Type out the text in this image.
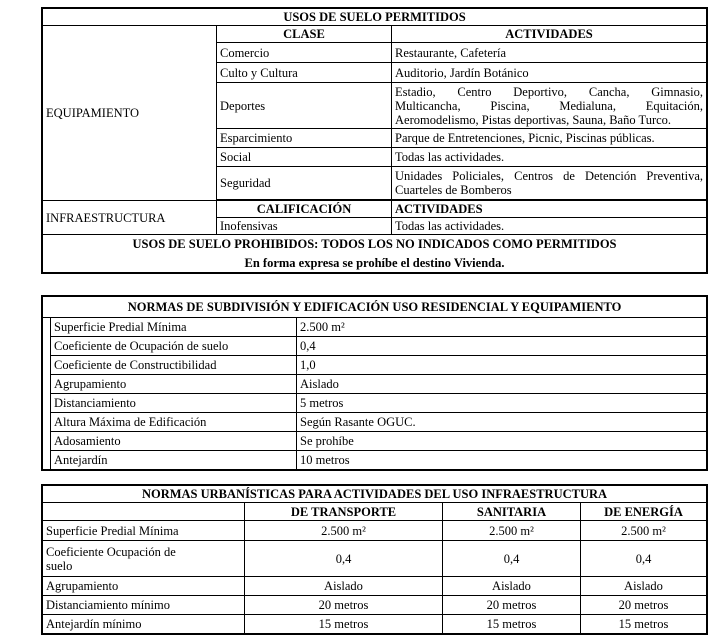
USOS DE SUELO PERMITIDOS		
EQUIPAMIENTO	CLASE	ACTIVIDADES
	Comercio	Restaurante, Cafetería
	Culto y Cultura	Auditorio, Jardín Botánico
	Deportes	Estadio, Centro Deportivo, Cancha, Gimnasio,
Multicancha, Piscina, Medialuna, Equitación,
Aeromodelismo, Pistas deportivas, Sauna, Baño Turco.

	Esparcimiento	Parque de Entretenciones, Picnic, Piscinas públicas.
	Social	Todas las actividades.
	Seguridad	Unidades Policiales, Centros de Detención Preventiva,
Cuarteles de Bomberos

INFRAESTRUCTURA	CALIFICACIÓN	ACTIVIDADES
	Inofensivas	Todas las actividades.

USOS DE SUELO PROHIBIDOS: TODOS LOS NO INDICADOS COMO PERMITIDOS
En forma expresa se prohíbe el destino Vivienda.		
NORMAS DE SUBDIVISIÓN Y EDIFICACIÓN USO RESIDENCIAL Y EQUIPAMIENTO		
	Superficie Predial Mínima	2.500 m²
	Coeficiente de Ocupación de suelo	0,4
	Coeficiente de Constructibilidad	1,0
	Agrupamiento	Aislado
	Distanciamiento	5 metros
	Altura Máxima de Edificación	Según Rasante OGUC.
	Adosamiento	Se prohíbe
	Antejardín	10 metros
NORMAS URBANÍSTICAS PARA ACTIVIDADES DEL USO INFRAESTRUCTURA			
	DE TRANSPORTE	SANITARIA	DE ENERGÍA
Superficie Predial Mínima	2.500 m²	2.500 m²	2.500 m²

Coeficiente Ocupación de
suelo	0,4	0,4	0,4
Agrupamiento	Aislado	Aislado	Aislado
Distanciamiento mínimo	20 metros	20 metros	20 metros
Antejardín mínimo	15 metros	15 metros	15 metros
